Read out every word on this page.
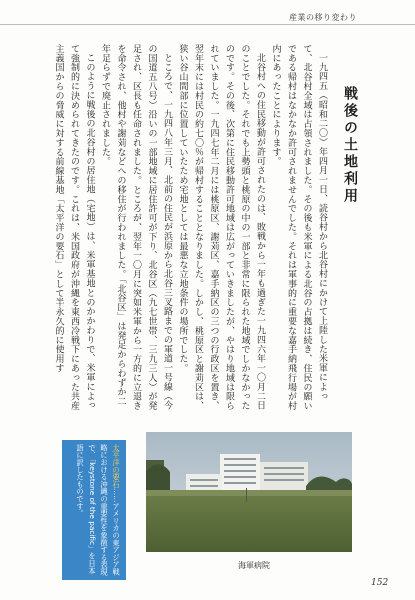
産業の移り変わり
戦後の土地利用

一九四五（昭和二〇）年四月一日、読谷村から北谷村にかけて上陸した米軍によって、北谷村全域は占領されました。その後も米軍による北谷の占拠は続き、住民の願いである帰村はなかなか許可されませんでした。それは軍事的に重要な嘉手納飛行場が村内にあったことによります。

北谷村への住民移動が許可されたのは、敗戦から一年も過ぎた一九四六年一〇月二日のことでした。それでも上勢頭と桃原の中の一部と非常に限られた地域でしかなかったのです。その後、次第に住民移動許可地域は広がっていきましたが、やはり地域は限られていました。一九四七年二月には桃原区、謝苅区、嘉手納区の三つの行政区を置き、翌年末には村民の約七〇％が帰村することとなりました。しかし、桃原区と謝苅区は、狭い谷山間部に位置していたため宅地としては最悪な立地条件の場所でした。

ところで、一九四八年三月、北前の住民が浜原から北谷三叉路までの軍道一号線（今の国道五八号）沿いの一部地域に居住許可が下り、北谷区（九七世帯、三九三人）が発足され、区長も任命されました。ところが、翌年一〇月に突如米軍から一方的に立退きを命令され、他村や謝苅などへの移住が行われました。「北谷区」は発足からわずか二年足らずで廃止されました。

このように戦後の北谷村の居住地（宅地）は、米軍基地とのかかわりで、米軍によって強制的に決められてきたのです。これは、米国政府が沖縄を東西冷戦下にあった共産主義国からの脅威に対する前線基地「太平洋の要石」として半永久的に使用す

太平洋の要石……アメリカの東アジア戦略における沖縄の重要性を象徴する表現で、「keystone of the pacific」を日本語に訳したものです。
海軍病院
152
